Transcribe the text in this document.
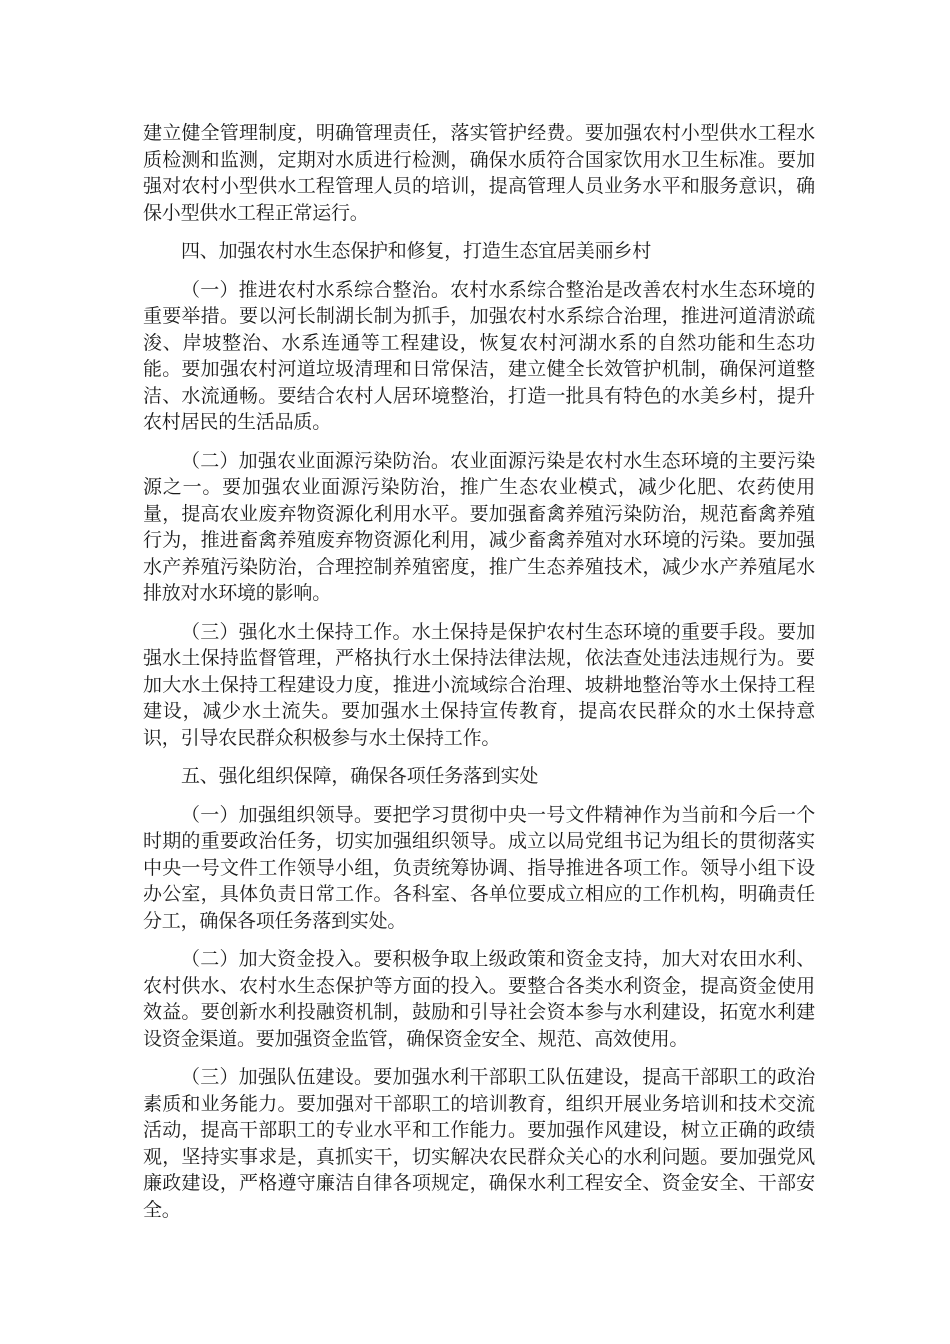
建立健全管理制度，明确管理责任，落实管护经费。要加强农村小型供水工程水质检测和监测，定期对水质进行检测，确保水质符合国家饮用水卫生标准。要加强对农村小型供水工程管理人员的培训，提高管理人员业务水平和服务意识，确保小型供水工程正常运行。

四、加强农村水生态保护和修复，打造生态宜居美丽乡村

（一）推进农村水系综合整治。农村水系综合整治是改善农村水生态环境的重要举措。要以河长制湖长制为抓手，加强农村水系综合治理，推进河道清淤疏浚、岸坡整治、水系连通等工程建设，恢复农村河湖水系的自然功能和生态功能。要加强农村河道垃圾清理和日常保洁，建立健全长效管护机制，确保河道整洁、水流通畅。要结合农村人居环境整治，打造一批具有特色的水美乡村，提升农村居民的生活品质。

（二）加强农业面源污染防治。农业面源污染是农村水生态环境的主要污染源之一。要加强农业面源污染防治，推广生态农业模式，减少化肥、农药使用量，提高农业废弃物资源化利用水平。要加强畜禽养殖污染防治，规范畜禽养殖行为，推进畜禽养殖废弃物资源化利用，减少畜禽养殖对水环境的污染。要加强水产养殖污染防治，合理控制养殖密度，推广生态养殖技术，减少水产养殖尾水排放对水环境的影响。

（三）强化水土保持工作。水土保持是保护农村生态环境的重要手段。要加强水土保持监督管理，严格执行水土保持法律法规，依法查处违法违规行为。要加大水土保持工程建设力度，推进小流域综合治理、坡耕地整治等水土保持工程建设，减少水土流失。要加强水土保持宣传教育，提高农民群众的水土保持意识，引导农民群众积极参与水土保持工作。

五、强化组织保障，确保各项任务落到实处

（一）加强组织领导。要把学习贯彻中央一号文件精神作为当前和今后一个时期的重要政治任务，切实加强组织领导。成立以局党组书记为组长的贯彻落实中央一号文件工作领导小组，负责统筹协调、指导推进各项工作。领导小组下设办公室，具体负责日常工作。各科室、各单位要成立相应的工作机构，明确责任分工，确保各项任务落到实处。

（二）加大资金投入。要积极争取上级政策和资金支持，加大对农田水利、农村供水、农村水生态保护等方面的投入。要整合各类水利资金，提高资金使用效益。要创新水利投融资机制，鼓励和引导社会资本参与水利建设，拓宽水利建设资金渠道。要加强资金监管，确保资金安全、规范、高效使用。

（三）加强队伍建设。要加强水利干部职工队伍建设，提高干部职工的政治素质和业务能力。要加强对干部职工的培训教育，组织开展业务培训和技术交流活动，提高干部职工的专业水平和工作能力。要加强作风建设，树立正确的政绩观，坚持实事求是，真抓实干，切实解决农民群众关心的水利问题。要加强党风廉政建设，严格遵守廉洁自律各项规定，确保水利工程安全、资金安全、干部安全。
